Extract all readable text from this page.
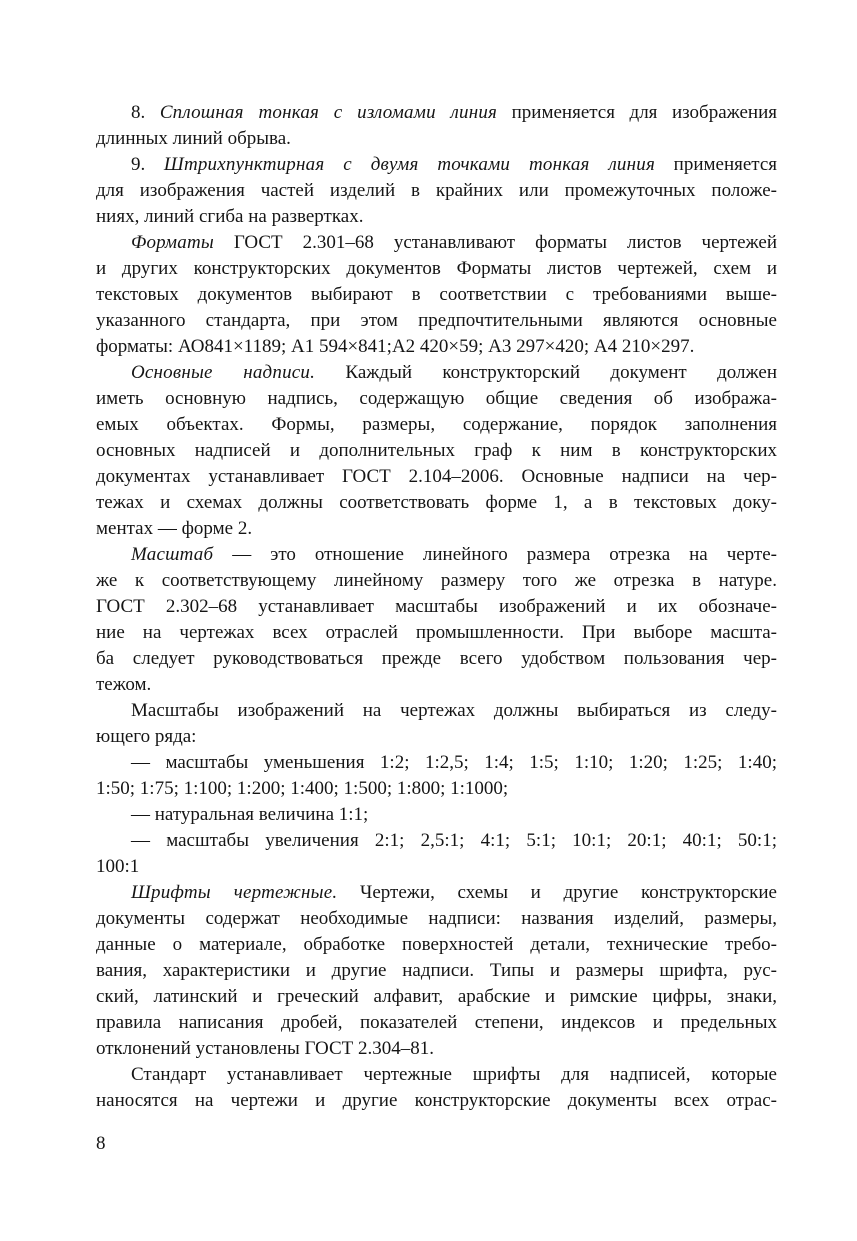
8. Сплошная тонкая с изломами линия применяется для изображения
длинных линий обрыва.
9. Штрихпунктирная с двумя точками тонкая линия применяется
для изображения частей изделий в крайних или промежуточных положе-
ниях, линий сгиба на развертках.
Форматы ГОСТ 2.301–68 устанавливают форматы листов чертежей
и других конструкторских документов Форматы листов чертежей, схем и
текстовых документов выбирают в соответствии с требованиями выше-
указанного стандарта, при этом предпочтительными являются основные
форматы: АО841×1189; А1 594×841;А2 420×59; А3 297×420; А4 210×297.
Основные надписи. Каждый конструкторский документ должен
иметь основную надпись, содержащую общие сведения об изобража-
емых объектах. Формы, размеры, содержание, порядок заполнения
основных надписей и дополнительных граф к ним в конструкторских
документах устанавливает ГОСТ 2.104–2006. Основные надписи на чер-
тежах и схемах должны соответствовать форме 1, а в текстовых доку-
ментах — форме 2.
Масштаб — это отношение линейного размера отрезка на черте-
же к соответствующему линейному размеру того же отрезка в натуре.
ГОСТ 2.302–68 устанавливает масштабы изображений и их обозначе-
ние на чертежах всех отраслей промышленности. При выборе масшта-
ба следует руководствоваться прежде всего удобством пользования чер-
тежом.
Масштабы изображений на чертежах должны выбираться из следу-
ющего ряда:
— масштабы уменьшения 1:2; 1:2,5; 1:4; 1:5; 1:10; 1:20; 1:25; 1:40;
1:50; 1:75; 1:100; 1:200; 1:400; 1:500; 1:800; 1:1000;
— натуральная величина 1:1;
— масштабы увеличения 2:1; 2,5:1; 4:1; 5:1; 10:1; 20:1; 40:1; 50:1;
100:1
Шрифты чертежные. Чертежи, схемы и другие конструкторские
документы содержат необходимые надписи: названия изделий, размеры,
данные о материале, обработке поверхностей детали, технические требо-
вания, характеристики и другие надписи. Типы и размеры шрифта, рус-
ский, латинский и греческий алфавит, арабские и римские цифры, знаки,
правила написания дробей, показателей степени, индексов и предельных
отклонений установлены ГОСТ 2.304–81.
Стандарт устанавливает чертежные шрифты для надписей, которые
наносятся на чертежи и другие конструкторские документы всех отрас-
8
